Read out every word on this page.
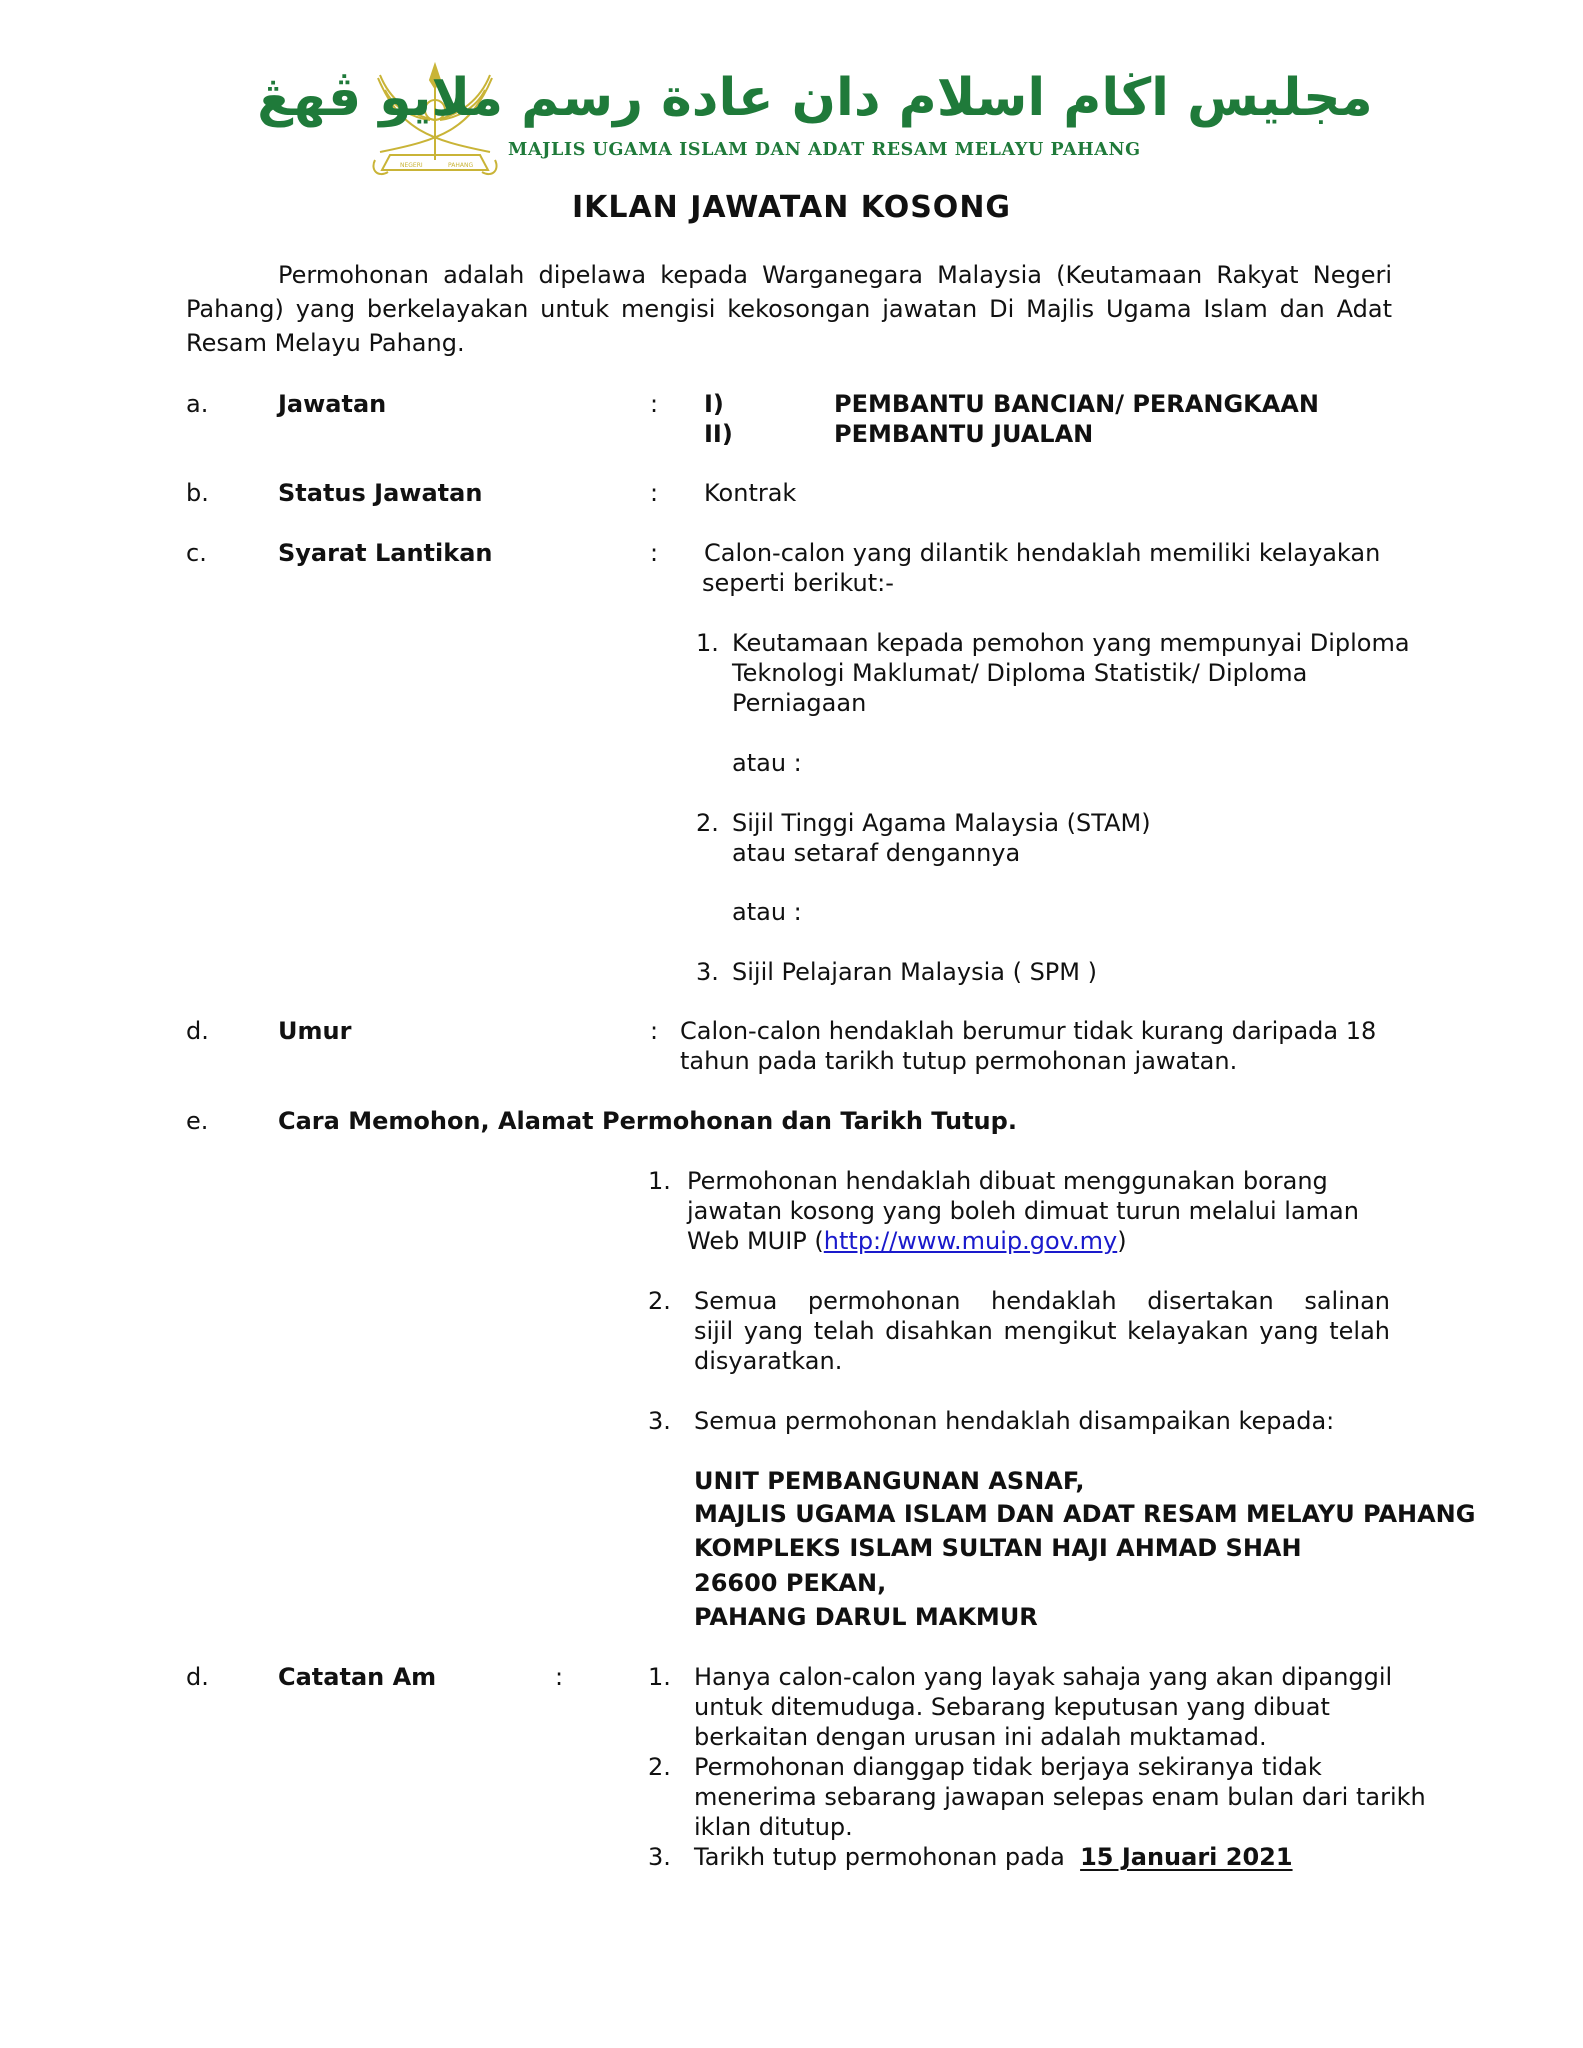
NEGERI	PAHANG
مجليس اڬام اسلام دان عادة رسم ملايو ڤهڠ
MAJLIS UGAMA ISLAM DAN ADAT RESAM MELAYU PAHANG
IKLAN JAWATAN KOSONG
Permohonan adalah dipelawa kepada Warganegara Malaysia (Keutamaan Rakyat Negeri Pahang) yang berkelayakan untuk mengisi kekosongan jawatan Di Majlis Ugama Islam dan Adat Resam Melayu Pahang.
a.	Jawatan	: I)	PEMBANTU BANCIAN/ PERANGKAAN
II)	PEMBANTU JUALAN
b.	Status Jawatan	: Kontrak
c.	Syarat Lantikan	: Calon-calon yang dilantik hendaklah memiliki kelayakan
seperti berikut:-
1. Keutamaan kepada pemohon yang mempunyai Diploma
Teknologi Maklumat/ Diploma Statistik/ Diploma
Perniagaan
atau :
2. Sijil Tinggi Agama Malaysia (STAM)
atau setaraf dengannya
atau :
3. Sijil Pelajaran Malaysia ( SPM )
d.	Umur	: Calon-calon hendaklah berumur tidak kurang daripada 18
tahun pada tarikh tutup permohonan jawatan.
e.	Cara Memohon, Alamat Permohonan dan Tarikh Tutup.
1. Permohonan hendaklah dibuat menggunakan borang
jawatan kosong yang boleh dimuat turun melalui laman
Web MUIP (http://www.muip.gov.my)
2. Semua permohonan hendaklah disertakan salinan
sijil yang telah disahkan mengikut kelayakan yang telah
disyaratkan.
3. Semua permohonan hendaklah disampaikan kepada:
UNIT PEMBANGUNAN ASNAF,
MAJLIS UGAMA ISLAM DAN ADAT RESAM MELAYU PAHANG
KOMPLEKS ISLAM SULTAN HAJI AHMAD SHAH
26600 PEKAN,
PAHANG DARUL MAKMUR
d.	Catatan Am	:	1. Hanya calon-calon yang layak sahaja yang akan dipanggil
untuk ditemuduga. Sebarang keputusan yang dibuat
berkaitan dengan urusan ini adalah muktamad.
2. Permohonan dianggap tidak berjaya sekiranya tidak
menerima sebarang jawapan selepas enam bulan dari tarikh
iklan ditutup.
3. Tarikh tutup permohonan pada 15 Januari 2021
